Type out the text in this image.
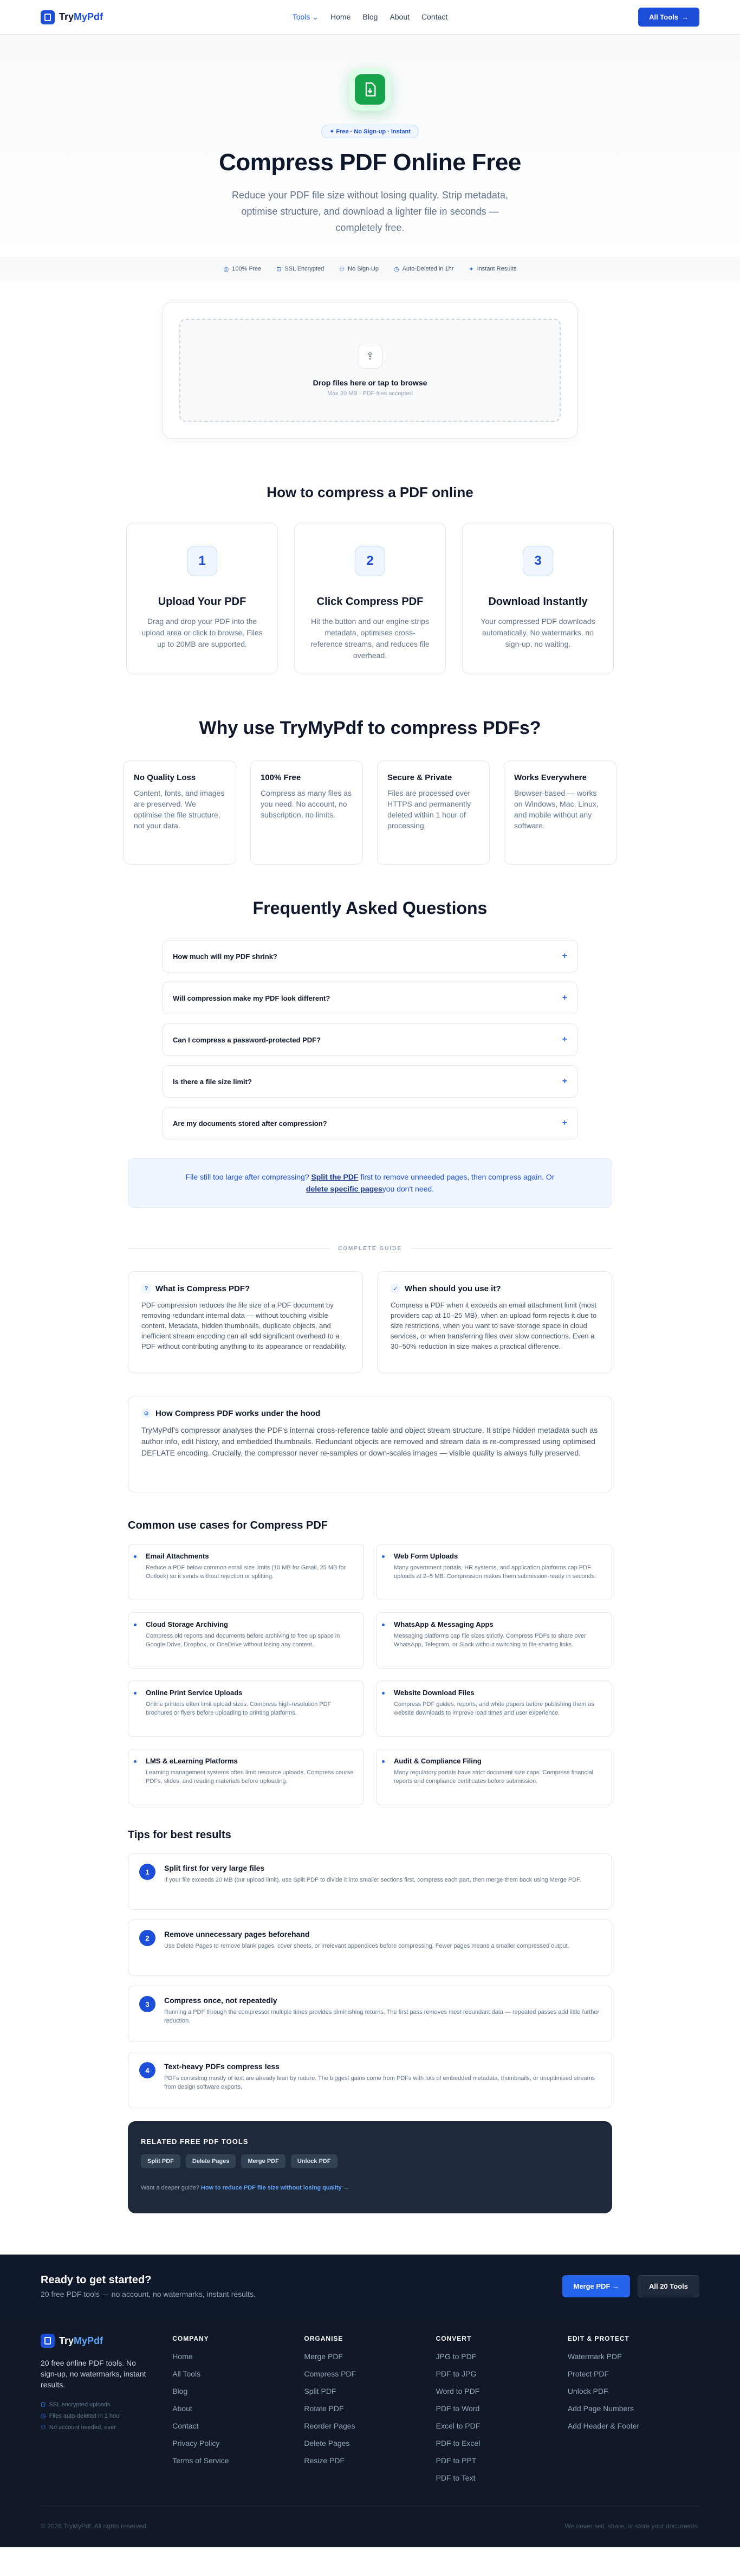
TryMyPdf	Tools ⌄ Home Blog About Contact	All Tools →
✦ Free · No Sign-up · Instant
Compress PDF Online Free

Reduce your PDF file size without losing quality. Strip metadata, optimise structure, and download a lighter file in seconds — completely free.

◎ 100% Free	⊡ SSL Encrypted	⚇ No Sign-Up	◷ Auto-Deleted in 1hr	✦ Instant Results
⇪
Drop files here or tap to browse
Max 20 MB · PDF files accepted
How to compress a PDF online
1
Upload Your PDF

Drag and drop your PDF into the upload area or click to browse. Files up to 20MB are supported.

2
Click Compress PDF

Hit the button and our engine strips metadata, optimises cross-reference streams, and reduces file overhead.

3
Download Instantly

Your compressed PDF downloads automatically. No watermarks, no sign-up, no waiting.

Why use TryMyPdf to compress PDFs?
No Quality Loss

Content, fonts, and images are preserved. We optimise the file structure, not your data.

100% Free

Compress as many files as you need. No account, no subscription, no limits.

Secure & Private

Files are processed over HTTPS and permanently deleted within 1 hour of processing.

Works Everywhere

Browser-based — works on Windows, Mac, Linux, and mobile without any software.

Frequently Asked Questions
How much will my PDF shrink?	+
Will compression make my PDF look different?	+
Can I compress a password-protected PDF?	+
Is there a file size limit?	+
Are my documents stored after compression?	+
File still too large after compressing? Split the PDF first to remove unneeded pages, then compress again. Or delete specific pagesyou don't need.
COMPLETE GUIDE
? What is Compress PDF?

PDF compression reduces the file size of a PDF document by removing redundant internal data — without touching visible content. Metadata, hidden thumbnails, duplicate objects, and inefficient stream encoding can all add significant overhead to a PDF without contributing anything to its appearance or readability.

✓ When should you use it?

Compress a PDF when it exceeds an email attachment limit (most providers cap at 10–25 MB), when an upload form rejects it due to size restrictions, when you want to save storage space in cloud services, or when transferring files over slow connections. Even a 30–50% reduction in size makes a practical difference.

⚙ How Compress PDF works under the hood

TryMyPdf's compressor analyses the PDF's internal cross-reference table and object stream structure. It strips hidden metadata such as author info, edit history, and embedded thumbnails. Redundant objects are removed and stream data is re-compressed using optimised DEFLATE encoding. Crucially, the compressor never re-samples or down-scales images — visible quality is always fully preserved.

Common use cases for Compress PDF
Email Attachments

Reduce a PDF below common email size limits (10 MB for Gmail, 25 MB for Outlook) so it sends without rejection or splitting.

Web Form Uploads

Many government portals, HR systems, and application platforms cap PDF uploads at 2–5 MB. Compression makes them submission-ready in seconds.

Cloud Storage Archiving

Compress old reports and documents before archiving to free up space in Google Drive, Dropbox, or OneDrive without losing any content.

WhatsApp & Messaging Apps

Messaging platforms cap file sizes strictly. Compress PDFs to share over WhatsApp, Telegram, or Slack without switching to file-sharing links.

Online Print Service Uploads

Online printers often limit upload sizes. Compress high-resolution PDF brochures or flyers before uploading to printing platforms.

Website Download Files

Compress PDF guides, reports, and white papers before publishing them as website downloads to improve load times and user experience.

LMS & eLearning Platforms

Learning management systems often limit resource uploads. Compress course PDFs, slides, and reading materials before uploading.

Audit & Compliance Filing

Many regulatory portals have strict document size caps. Compress financial reports and compliance certificates before submission.

Tips for best results
1	Split first for very large files

If your file exceeds 20 MB (our upload limit), use Split PDF to divide it into smaller sections first, compress each part, then merge them back using Merge PDF.

2	Remove unnecessary pages beforehand

Use Delete Pages to remove blank pages, cover sheets, or irrelevant appendices before compressing. Fewer pages means a smaller compressed output.

3	Compress once, not repeatedly

Running a PDF through the compressor multiple times provides diminishing returns. The first pass removes most redundant data — repeated passes add little further reduction.

4	Text-heavy PDFs compress less

PDFs consisting mostly of text are already lean by nature. The biggest gains come from PDFs with lots of embedded metadata, thumbnails, or unoptimised streams from design software exports.

RELATED FREE PDF TOOLS
Split PDF	Delete Pages	Merge PDF	Unlock PDF

Want a deeper guide? How to reduce PDF file size without losing quality →

Ready to get started?

20 free PDF tools — no account, no watermarks, instant results.

Merge PDF →	All 20 Tools
TryMyPdf

20 free online PDF tools. No sign-up, no watermarks, instant results.

⊡ SSL encrypted uploads
◷ Files auto-deleted in 1 hour
⚇ No account needed, ever
COMPANY
Home
All Tools
Blog
About
Contact
Privacy Policy
Terms of Service
ORGANISE
Merge PDF
Compress PDF
Split PDF
Rotate PDF
Reorder Pages
Delete Pages
Resize PDF
CONVERT
JPG to PDF
PDF to JPG
Word to PDF
PDF to Word
Excel to PDF
PDF to Excel
PDF to PPT
PDF to Text
EDIT & PROTECT
Watermark PDF
Protect PDF
Unlock PDF
Add Page Numbers
Add Header & Footer
© 2026 TryMyPdf. All rights reserved.	We never sell, share, or store your documents.
